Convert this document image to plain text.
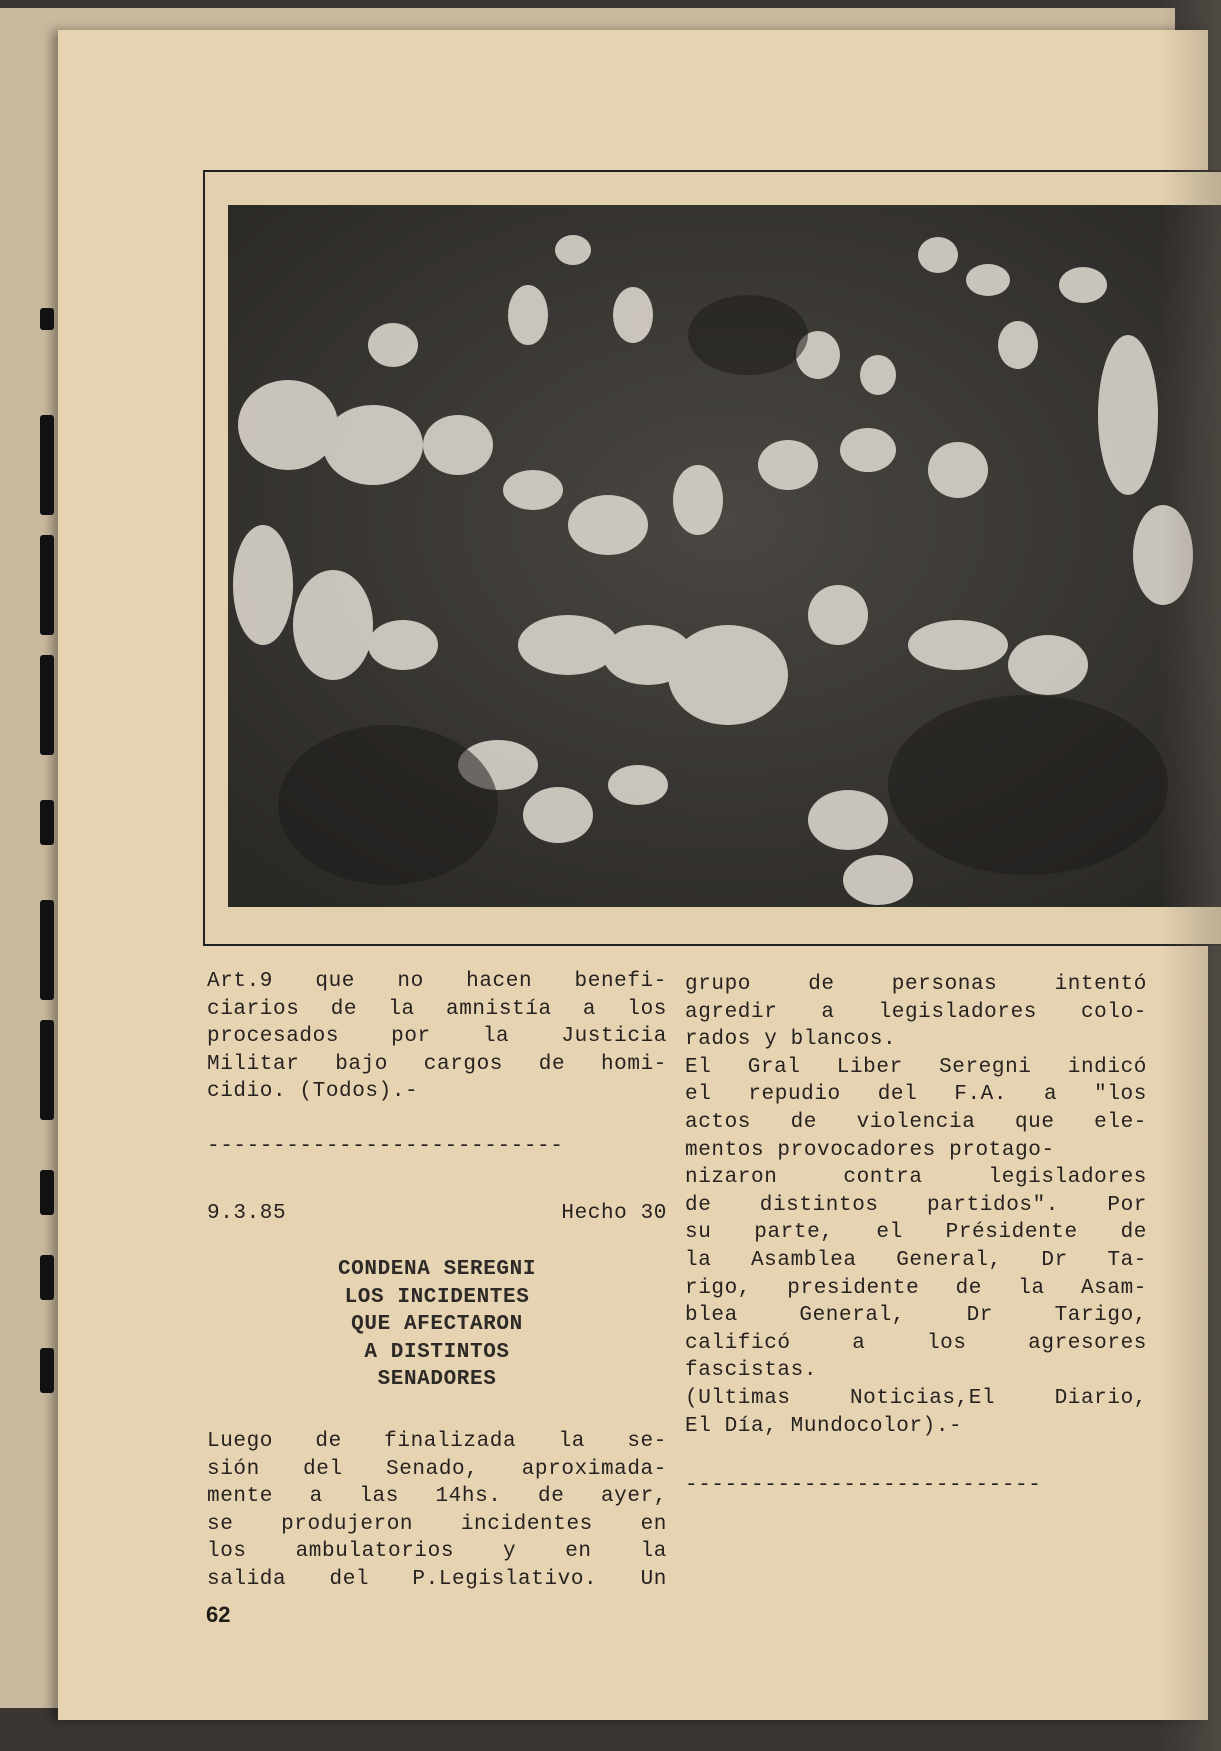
Art.9 que no hacen benefi-
ciarios de la amnistía a los
procesados por la Justicia
Militar bajo cargos de homi-
cidio. (Todos).-
---------------------------
9.3.85	Hecho 30
CONDENA SEREGNI
LOS INCIDENTES
QUE AFECTARON
A DISTINTOS
SENADORES
Luego de finalizada la se-
sión del Senado, aproximada-
mente a las 14hs. de ayer,
se produjeron incidentes en
los ambulatorios y en la
salida del P.Legislativo. Un
62
grupo	de	personas	intentó
agredir a legisladores colo-
rados y blancos.
El Gral Liber Seregni indicó
el repudio del F.A. a "los
actos de violencia que ele-
mentos provocadores protago-
nizaron	contra	legisladores
de distintos partidos". Por
su parte, el Présidente de
la Asamblea General, Dr Ta-
rigo, presidente de la Asam-
blea	General,	Dr	Tarigo,
calificó	a	los	agresores
fascistas.
(Ultimas	Noticias,El	Diario,
El Día, Mundocolor).-
---------------------------
